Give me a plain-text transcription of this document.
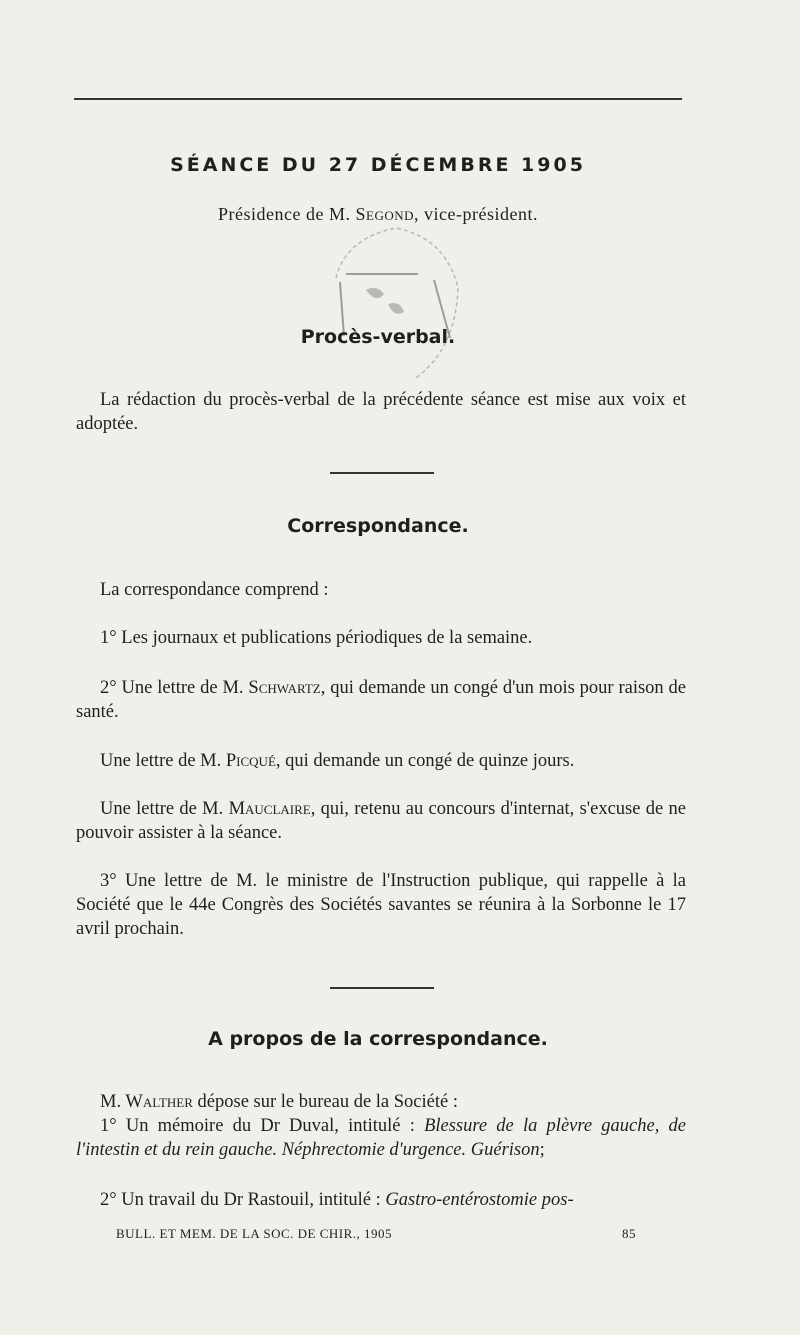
SÉANCE DU 27 DÉCEMBRE 1905
Présidence de M. Segond, vice-président.
Procès-verbal.

La rédaction du procès-verbal de la précédente séance est mise aux voix et adoptée.

Correspondance.

La correspondance comprend :

1° Les journaux et publications périodiques de la semaine.

2° Une lettre de M. Schwartz, qui demande un congé d'un mois pour raison de santé.

Une lettre de M. Picqué, qui demande un congé de quinze jours.

Une lettre de M. Mauclaire, qui, retenu au concours d'internat, s'excuse de ne pouvoir assister à la séance.

3° Une lettre de M. le ministre de l'Instruction publique, qui rappelle à la Société que le 44e Congrès des Sociétés savantes se réunira à la Sorbonne le 17 avril prochain.

A propos de la correspondance.

M. Walther dépose sur le bureau de la Société :

1° Un mémoire du Dr Duval, intitulé : Blessure de la plèvre gauche, de l'intestin et du rein gauche. Néphrectomie d'urgence. Guérison;

2° Un travail du Dr Rastouil, intitulé : Gastro-entérostomie pos-

BULL. ET MEM. DE LA SOC. DE CHIR., 1905	85
